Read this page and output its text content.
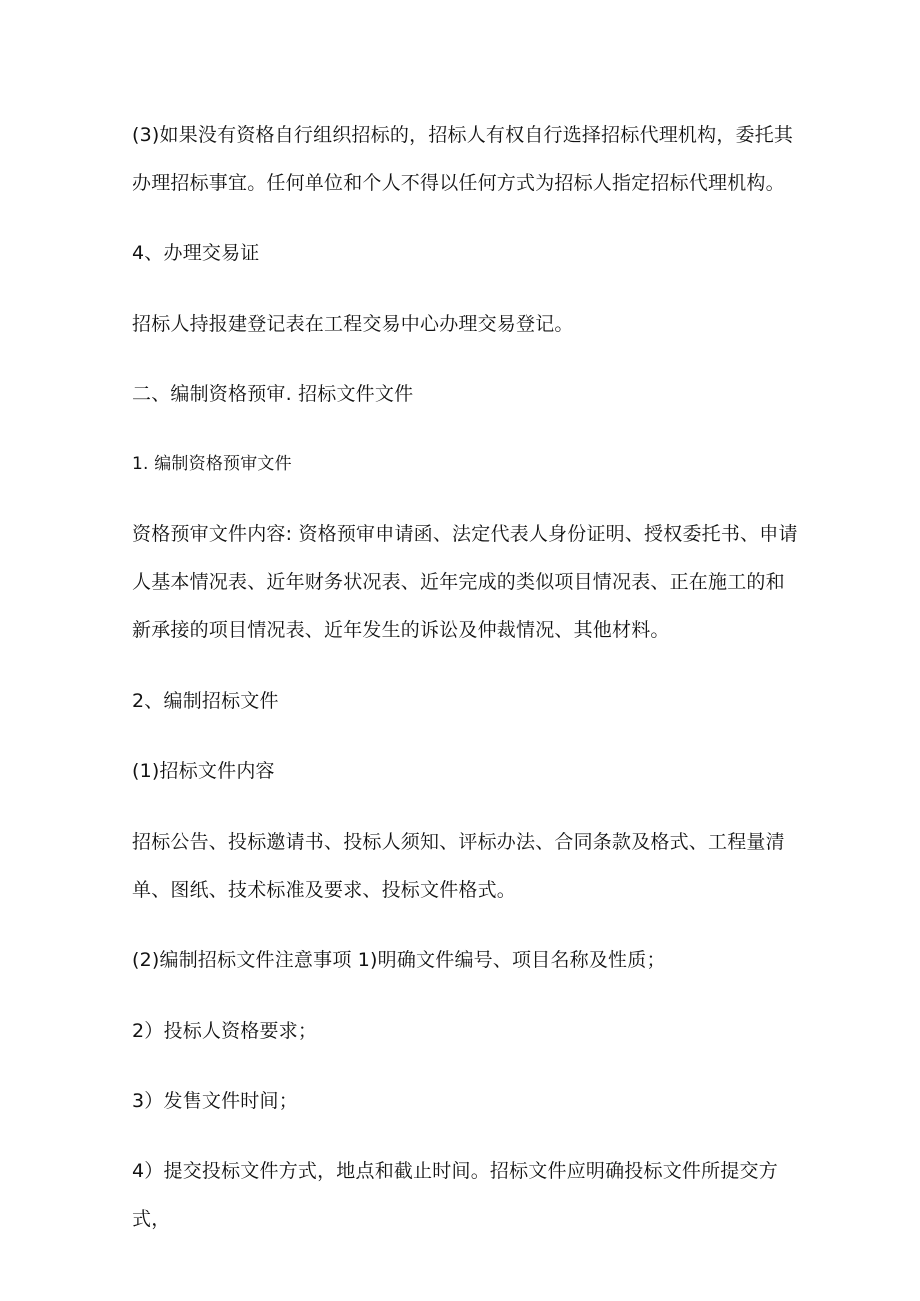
(3)如果没有资格自行组织招标的，招标人有权自行选择招标代理机构，委托其办理招标事宜。任何单位和个人不得以任何方式为招标人指定招标代理机构。
4、办理交易证
招标人持报建登记表在工程交易中心办理交易登记。
二、编制资格预审. 招标文件文件
1. 编制资格预审文件
资格预审文件内容: 资格预审申请函、法定代表人身份证明、授权委托书、申请人基本情况表、近年财务状况表、近年完成的类似项目情况表、正在施工的和新承接的项目情况表、近年发生的诉讼及仲裁情况、其他材料。
2、编制招标文件
(1)招标文件内容
招标公告、投标邀请书、投标人须知、评标办法、合同条款及格式、工程量清单、图纸、技术标准及要求、投标文件格式。
(2)编制招标文件注意事项 1)明确文件编号、项目名称及性质；
2）投标人资格要求；
3）发售文件时间；
4）提交投标文件方式，地点和截止时间。招标文件应明确投标文件所提交方式，
